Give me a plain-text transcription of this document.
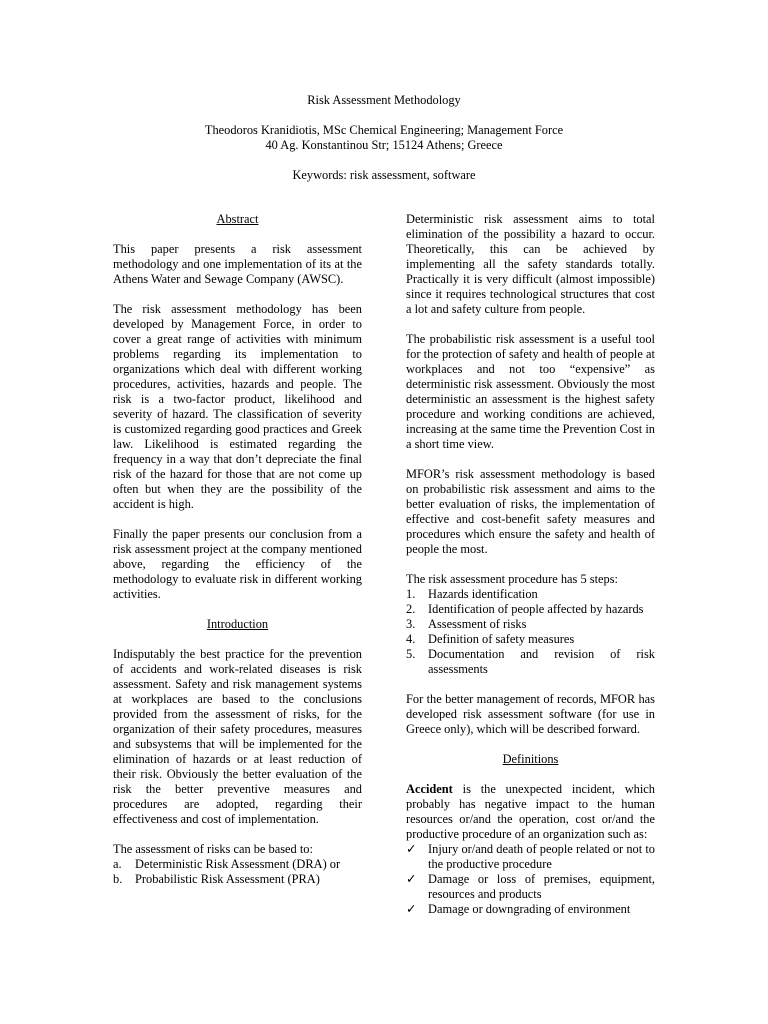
Risk Assessment Methodology

Theodoros Kranidiotis, MSc Chemical Engineering; Management Force

40 Ag. Konstantinou Str; 15124 Athens; Greece

Keywords: risk assessment, software

Abstract

This paper presents a risk assessment methodology and one implementation of its at the Athens Water and Sewage Company (AWSC).

The risk assessment methodology has been developed by Management Force, in order to cover a great range of activities with minimum problems regarding its implementation to organizations which deal with different working procedures, activities, hazards and people. The risk is a two-factor product, likelihood and severity of hazard. The classification of severity is customized regarding good practices and Greek law. Likelihood is estimated regarding the frequency in a way that don’t depreciate the final risk of the hazard for those that are not come up often but when they are the possibility of the accident is high.

Finally the paper presents our conclusion from a risk assessment project at the company mentioned above, regarding the efficiency of the methodology to evaluate risk in different working activities.

Introduction

Indisputably the best practice for the prevention of accidents and work-related diseases is risk assessment. Safety and risk management systems at workplaces are based to the conclusions provided from the assessment of risks, for the organization of their safety procedures, measures and subsystems that will be implemented for the elimination of hazards or at least reduction of their risk. Obviously the better evaluation of the risk the better preventive measures and procedures are adopted, regarding their effectiveness and cost of implementation.

The assessment of risks can be based to:

a. Deterministic Risk Assessment (DRA) or
b. Probabilistic Risk Assessment (PRA)

Deterministic risk assessment aims to total elimination of the possibility a hazard to occur. Theoretically, this can be achieved by implementing all the safety standards totally. Practically it is very difficult (almost impossible) since it requires technological structures that cost a lot and safety culture from people.

The probabilistic risk assessment is a useful tool for the protection of safety and health of people at workplaces and not too “expensive” as deterministic risk assessment. Obviously the most deterministic an assessment is the highest safety procedure and working conditions are achieved, increasing at the same time the Prevention Cost in a short time view.

MFOR’s risk assessment methodology is based on probabilistic risk assessment and aims to the better evaluation of risks, the implementation of effective and cost-benefit safety measures and procedures which ensure the safety and health of people the most.

The risk assessment procedure has 5 steps:

1. Hazards identification
2. Identification of people affected by hazards
3. Assessment of risks
4. Definition of safety measures
5. Documentation and revision of risk assessments

For the better management of records, MFOR has developed risk assessment software (for use in Greece only), which will be described forward.

Definitions

Accident is the unexpected incident, which probably has negative impact to the human resources or/and the operation, cost or/and the productive procedure of an organization such as:

✓ Injury or/and death of people related or not to the productive procedure
✓ Damage or loss of premises, equipment, resources and products
✓ Damage or downgrading of environment
